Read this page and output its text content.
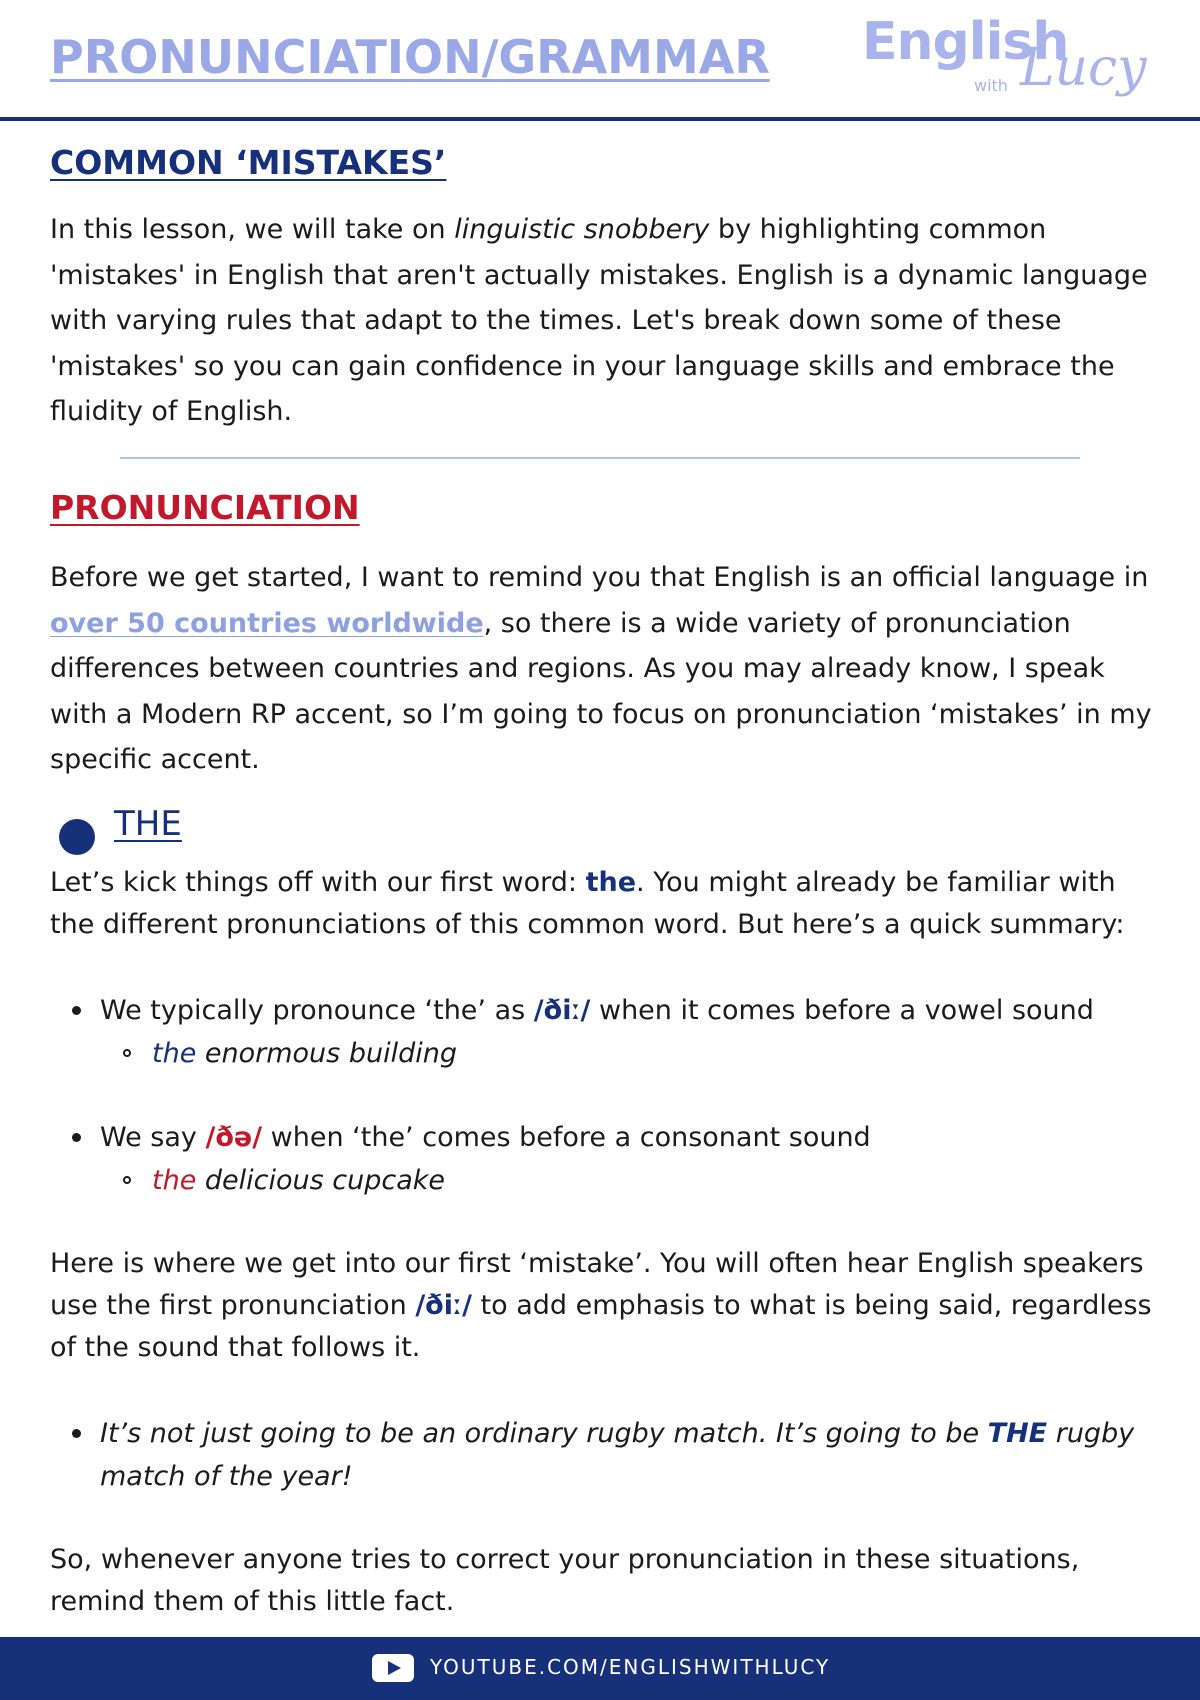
PRONUNCIATION/GRAMMAR English
with Lucy
COMMON ‘MISTAKES’
In this lesson, we will take on linguistic snobbery by highlighting common 'mistakes' in English that aren't actually mistakes. English is a dynamic language with varying rules that adapt to the times. Let's break down some of these 'mistakes' so you can gain confidence in your language skills and embrace the fluidity of English.
PRONUNCIATION
Before we get started, I want to remind you that English is an official language in over 50 countries worldwide, so there is a wide variety of pronunciation differences between countries and regions. As you may already know, I speak with a Modern RP accent, so I’m going to focus on pronunciation ‘mistakes’ in my specific accent.
THE
Let’s kick things off with our first word: the. You might already be familiar with the different pronunciations of this common word. But here’s a quick summary:
We typically pronounce ‘the’ as /ðiː/ when it comes before a vowel sound
the enormous building
We say /ðə/ when ‘the’ comes before a consonant sound
the delicious cupcake
Here is where we get into our first ‘mistake’. You will often hear English speakers use the first pronunciation /ðiː/ to add emphasis to what is being said, regardless of the sound that follows it.
It’s not just going to be an ordinary rugby match. It’s going to be THE rugby match of the year!
So, whenever anyone tries to correct your pronunciation in these situations, remind them of this little fact.
YOUTUBE.COM/ENGLISHWITHLUCY
